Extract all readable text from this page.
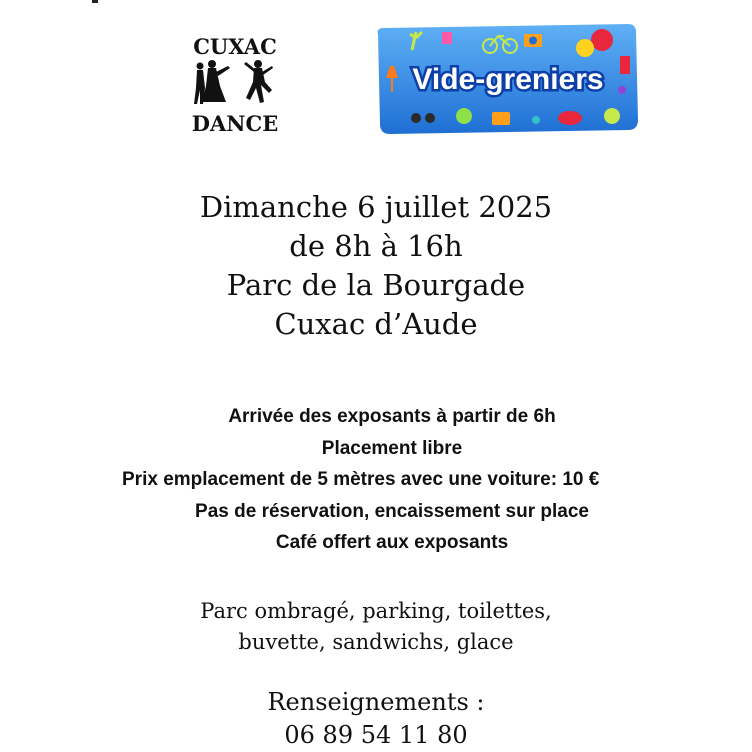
CUXAC
DANCE
Vide-greniers
Dimanche 6 juillet 2025
de 8h à 16h
Parc de la Bourgade
Cuxac d’Aude
Arrivée des exposants à partir de 6h
Placement libre
Prix emplacement de 5 mètres avec une voiture: 10 €
Pas de réservation, encaissement sur place
Café offert aux exposants
Parc ombragé, parking, toilettes,
buvette, sandwichs, glace
Renseignements :
06 89 54 11 80
